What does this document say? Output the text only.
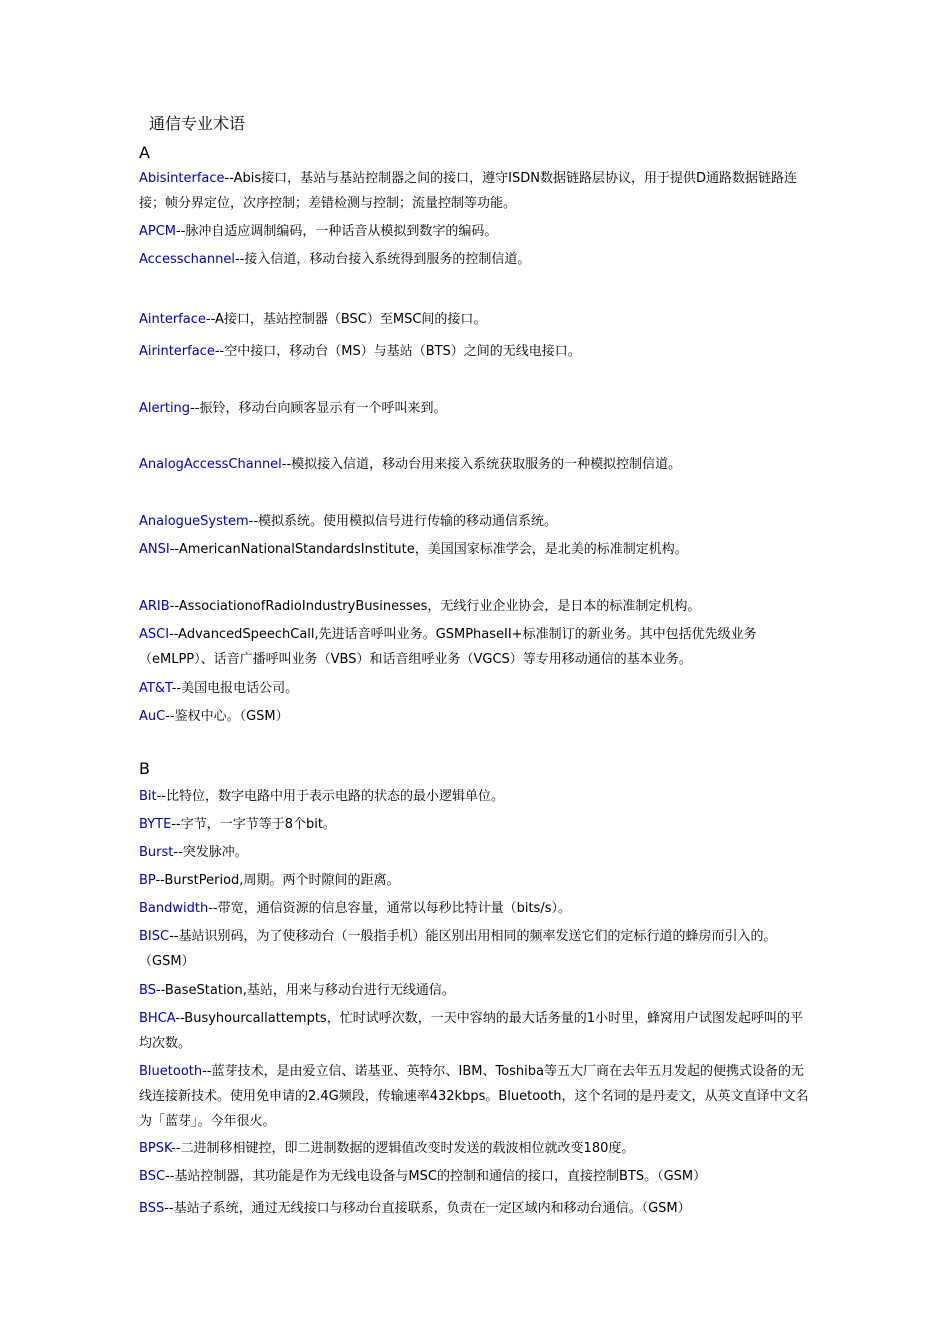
通信专业术语
A
Abisinterface--Abis接口，基站与基站控制器之间的接口，遵守ISDN数据链路层协议，用于提供D通路数据链路连接；帧分界定位，次序控制；差错检测与控制；流量控制等功能。
APCM--脉冲自适应调制编码，一种话音从模拟到数字的编码。
Accesschannel--接入信道，移动台接入系统得到服务的控制信道。
Ainterface--A接口，基站控制器（BSC）至MSC间的接口。
Airinterface--空中接口，移动台（MS）与基站（BTS）之间的无线电接口。
Alerting--振铃，移动台向顾客显示有一个呼叫来到。
AnalogAccessChannel--模拟接入信道，移动台用来接入系统获取服务的一种模拟控制信道。
AnalogueSystem--模拟系统。使用模拟信号进行传输的移动通信系统。
ANSI--AmericanNationalStandardsInstitute，美国国家标准学会，是北美的标准制定机构。
ARIB--AssociationofRadioIndustryBusinesses，无线行业企业协会，是日本的标准制定机构。
ASCI--AdvancedSpeechCall,先进话音呼叫业务。GSMPhaseII+标准制订的新业务。其中包括优先级业务（eMLPP）、话音广播呼叫业务（VBS）和话音组呼业务（VGCS）等专用移动通信的基本业务。
AT&T--美国电报电话公司。
AuC--鉴权中心。（GSM）
B
Bit--比特位，数字电路中用于表示电路的状态的最小逻辑单位。
BYTE--字节，一字节等于8个bit。
Burst--突发脉冲。
BP--BurstPeriod,周期。两个时隙间的距离。
Bandwidth--带宽，通信资源的信息容量，通常以每秒比特计量（bits/s）。
BISC--基站识别码，为了使移动台（一般指手机）能区别出用相同的频率发送它们的定标行道的蜂房而引入的。（GSM）
BS--BaseStation,基站，用来与移动台进行无线通信。
BHCA--Busyhourcallattempts，忙时试呼次数，一天中容纳的最大话务量的1小时里，蜂窝用户试图发起呼叫的平均次数。
Bluetooth--蓝芽技术，是由爱立信、诺基亚、英特尔、IBM、Toshiba等五大厂商在去年五月发起的便携式设备的无线连接新技术。使用免申请的2.4G频段，传输速率432kbps。Bluetooth，这个名词的是丹麦文，从英文直译中文名为「蓝芽」。今年很火。
BPSK--二进制移相键控，即二进制数据的逻辑值改变时发送的载波相位就改变180度。
BSC--基站控制器，其功能是作为无线电设备与MSC的控制和通信的接口，直接控制BTS。（GSM）
BSS--基站子系统，通过无线接口与移动台直接联系，负责在一定区域内和移动台通信。（GSM）
